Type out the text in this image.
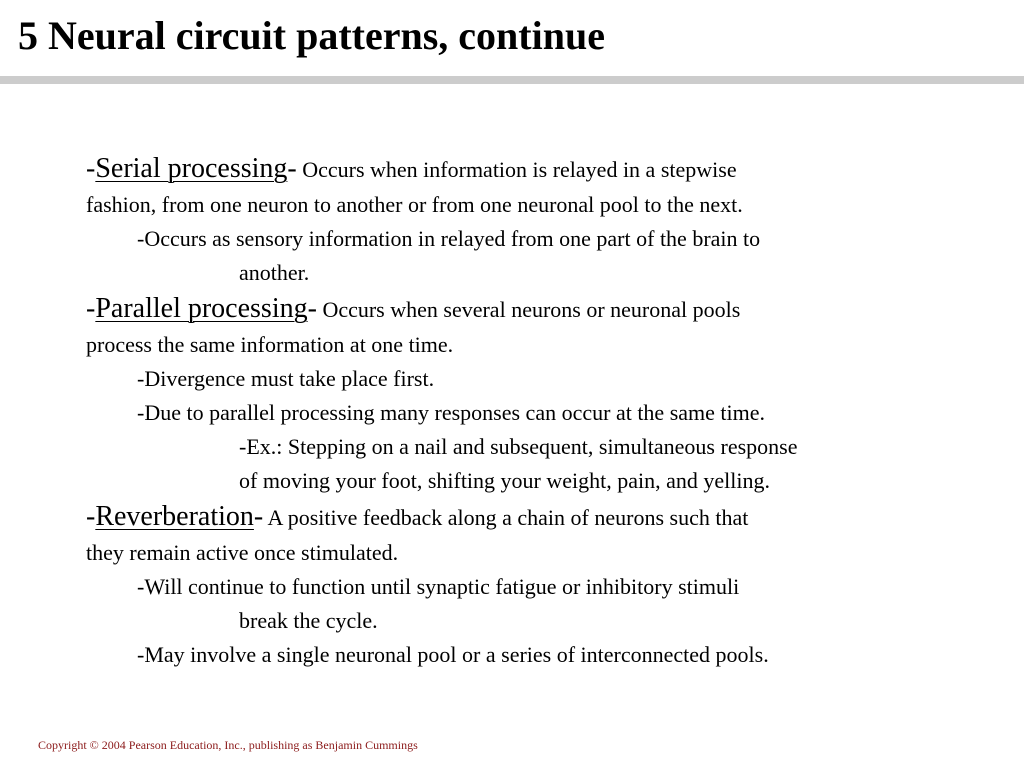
5 Neural circuit patterns, continue
-Serial processing- Occurs when information is relayed in a stepwise
fashion, from one neuron to another or from one neuronal pool to the next.
-Occurs as sensory information in relayed from one part of the brain to
another.
-Parallel processing- Occurs when several neurons or neuronal pools
process the same information at one time.
-Divergence must take place first.
-Due to parallel processing many responses can occur at the same time.
-Ex.: Stepping on a nail and subsequent, simultaneous response
of moving your foot, shifting your weight, pain, and yelling.
-Reverberation- A positive feedback along a chain of neurons such that
they remain active once stimulated.
-Will continue to function until synaptic fatigue or inhibitory stimuli
break the cycle.
-May involve a single neuronal pool or a series of interconnected pools.
Copyright © 2004 Pearson Education, Inc., publishing as Benjamin Cummings
